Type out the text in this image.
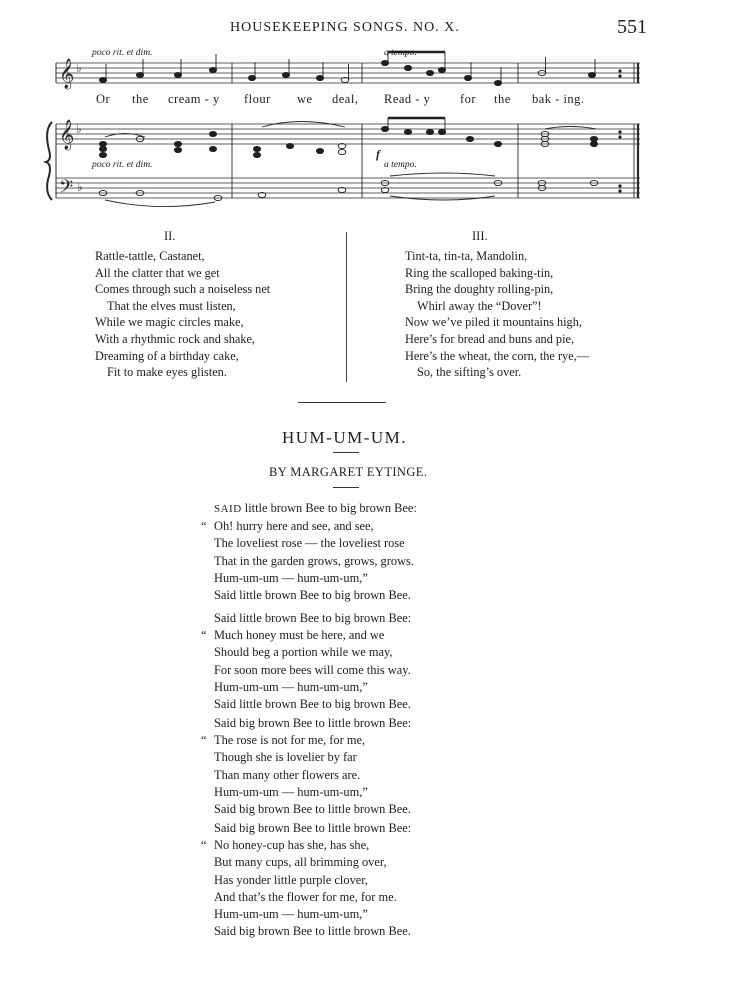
HOUSEKEEPING SONGS. NO. X.	551
𝄞
𝄞
𝄢
♭
♭
♭
poco rit. et dim.	a tempo.
poco rit. et dim.	a tempo.
f
Or the cream - y flour we deal, Read - y for the bak - ing.
II.
Rattle-tattle, Castanet,
All the clatter that we get
Comes through such a noiseless net
That the elves must listen,
While we magic circles make,
With a rhythmic rock and shake,
Dreaming of a birthday cake,
Fit to make eyes glisten.
III.
Tint-ta, tin-ta, Mandolin,
Ring the scalloped baking-tin,
Bring the doughty rolling-pin,
Whirl away the “Dover”!
Now we’ve piled it mountains high,
Here’s for bread and buns and pie,
Here’s the wheat, the corn, the rye,—
So, the sifting’s over.
HUM-UM-UM.
BY MARGARET EYTINGE.
SAID little brown Bee to big brown Bee:
“ Oh! hurry here and see, and see,
The loveliest rose — the loveliest rose
That in the garden grows, grows, grows.
Hum-um-um — hum-um-um,”
Said little brown Bee to big brown Bee.
Said little brown Bee to big brown Bee:
“ Much honey must be here, and we
Should beg a portion while we may,
For soon more bees will come this way.
Hum-um-um — hum-um-um,”
Said little brown Bee to big brown Bee.
Said big brown Bee to little brown Bee:
“ The rose is not for me, for me,
Though she is lovelier by far
Than many other flowers are.
Hum-um-um — hum-um-um,”
Said big brown Bee to little brown Bee.
Said big brown Bee to little brown Bee:
“ No honey-cup has she, has she,
But many cups, all brimming over,
Has yonder little purple clover,
And that’s the flower for me, for me.
Hum-um-um — hum-um-um,”
Said big brown Bee to little brown Bee.
